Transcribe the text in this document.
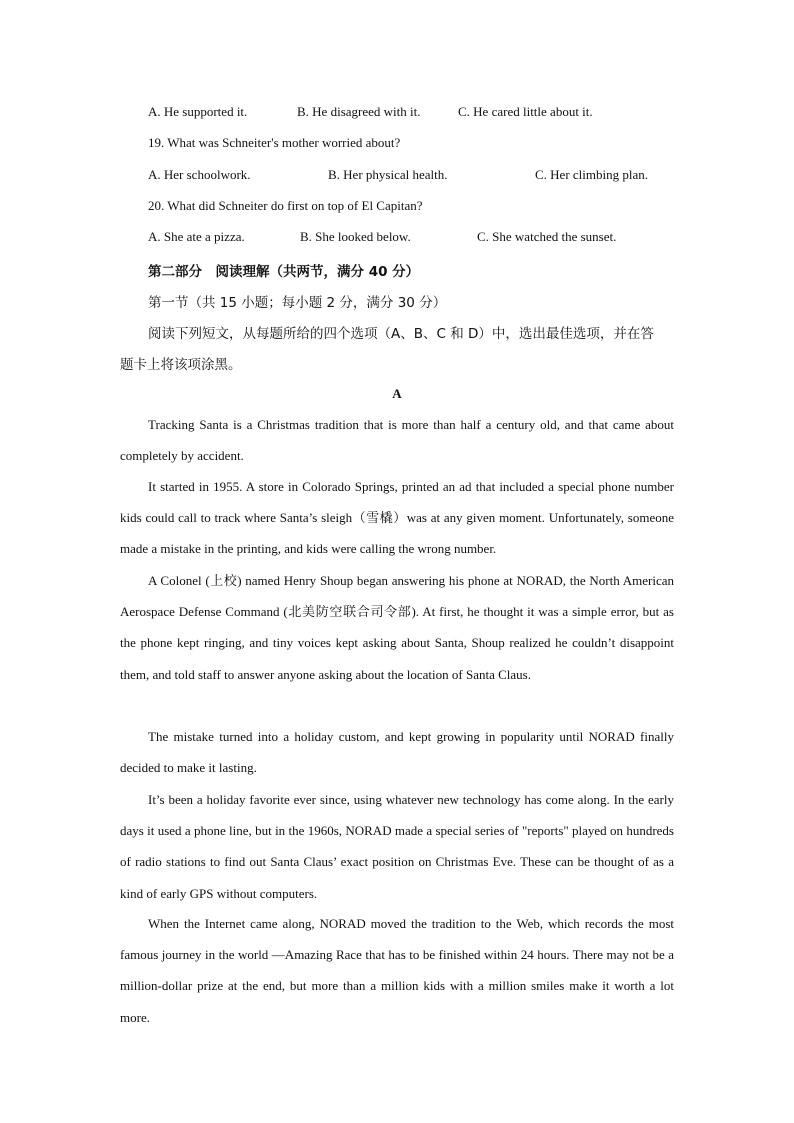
A. He supported it.	B. He disagreed with it.	C. He cared little about it.
19. What was Schneiter's mother worried about?
A. Her schoolwork.	B. Her physical health.	C. Her climbing plan.
20. What did Schneiter do first on top of El Capitan?
A. She ate a pizza.	B. She looked below.	C. She watched the sunset.
第二部分　阅读理解（共两节，满分 40 分）
第一节（共 15 小题；每小题 2 分，满分 30 分）
阅读下列短文，从每题所给的四个选项（A、B、C 和 D）中，选出最佳选项，并在答
题卡上将该项涂黑。
A
Tracking Santa is a Christmas tradition that is more than half a century old, and that came about completely by accident.
It started in 1955. A store in Colorado Springs, printed an ad that included a special phone number kids could call to track where Santa’s sleigh（雪橇）was at any given moment. Unfortunately, someone made a mistake in the printing, and kids were calling the wrong number.
A Colonel (上校) named Henry Shoup began answering his phone at NORAD, the North American Aerospace Defense Command (北美防空联合司令部). At first, he thought it was a simple error, but as the phone kept ringing, and tiny voices kept asking about Santa, Shoup realized he couldn’t disappoint them, and told staff to answer anyone asking about the location of Santa Claus.
The mistake turned into a holiday custom, and kept growing in popularity until NORAD finally decided to make it lasting.
It’s been a holiday favorite ever since, using whatever new technology has come along. In the early days it used a phone line, but in the 1960s, NORAD made a special series of "reports" played on hundreds of radio stations to find out Santa Claus’ exact position on Christmas Eve. These can be thought of as a kind of early GPS without computers.
When the Internet came along, NORAD moved the tradition to the Web, which records the most famous journey in the world —Amazing Race that has to be finished within 24 hours. There may not be a million-dollar prize at the end, but more than a million kids with a million smiles make it worth a lot more.
